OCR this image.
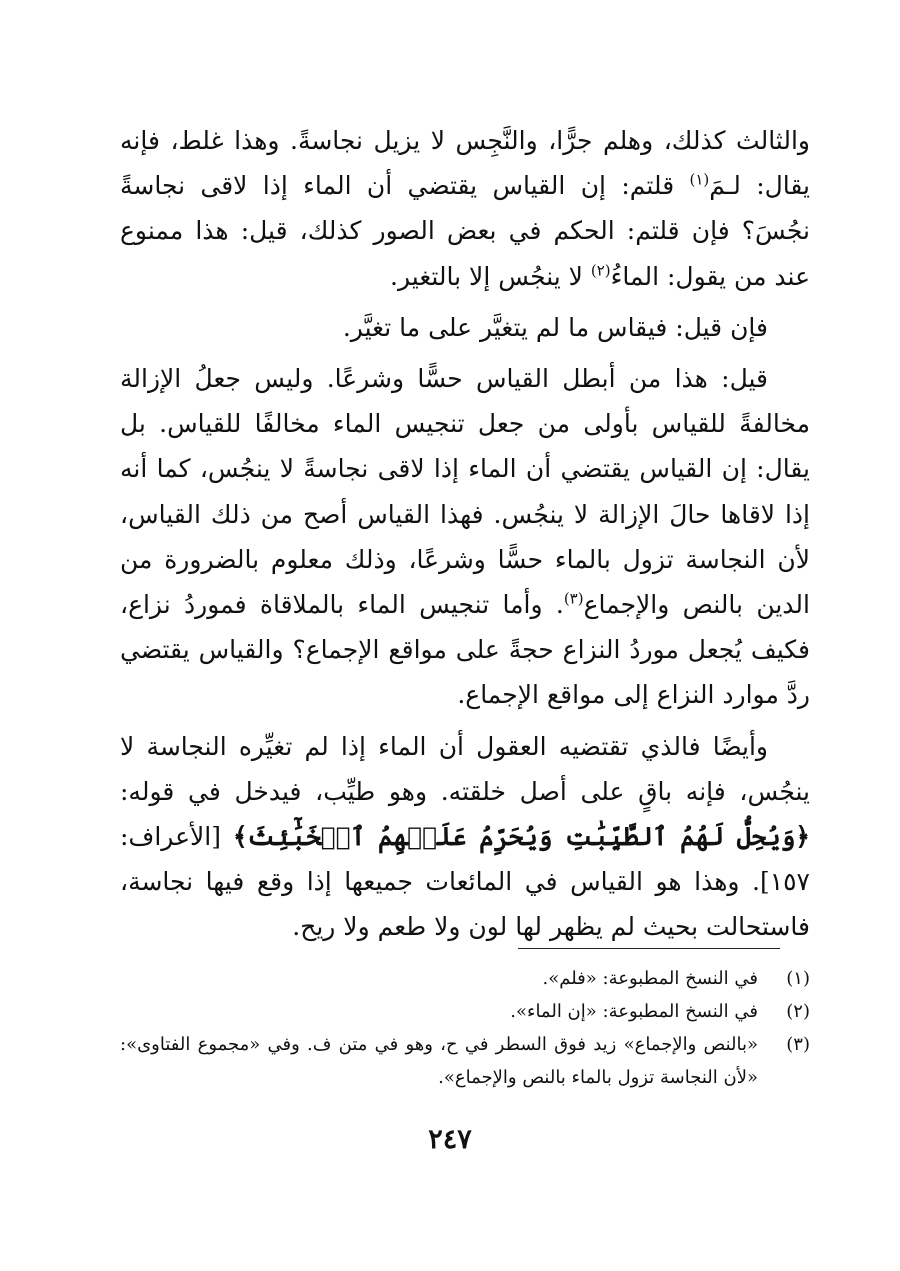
والثالث كذلك، وهلم جرًّا، والنَّجِس لا يزيل نجاسةً. وهذا غلط، فإنه يقال: لـمَ$^{(١)}$ قلتم: إن القياس يقتضي أن الماء إذا لاقى نجاسةً نجُسَ؟ فإن قلتم: الحكم في بعض الصور كذلك، قيل: هذا ممنوع عند من يقول: الماءُ$^{(٢)}$ لا ينجُس إلا بالتغير.

فإن قيل: فيقاس ما لم يتغيَّر على ما تغيَّر.

قيل: هذا من أبطل القياس حسًّا وشرعًا. وليس جعلُ الإزالة مخالفةً للقياس بأولى من جعل تنجيس الماء مخالفًا للقياس. بل يقال: إن القياس يقتضي أن الماء إذا لاقى نجاسةً لا ينجُس، كما أنه إذا لاقاها حالَ الإزالة لا ينجُس. فهذا القياس أصح من ذلك القياس، لأن النجاسة تزول بالماء حسًّا وشرعًا، وذلك معلوم بالضرورة من الدين بالنص والإجماع$^{(٣)}$. وأما تنجيس الماء بالملاقاة فموردُ نزاع، فكيف يُجعل موردُ النزاع حجةً على مواقع الإجماع؟ والقياس يقتضي ردَّ موارد النزاع إلى مواقع الإجماع.

وأيضًا فالذي تقتضيه العقول أن الماء إذا لم تغيِّره النجاسة لا ينجُس، فإنه باقٍ على أصل خلقته. وهو طيِّب، فيدخل في قوله: ﴿وَيُحِلُّ لَهُمُ ٱلطَّيِّبَٰتِ وَيُحَرِّمُ عَلَيۡهِمُ ٱلۡخَبَٰٓئِثَ﴾ [الأعراف: ١٥٧]. وهذا هو القياس في المائعات جميعها إذا وقع فيها نجاسة، فاستحالت بحيث لم يظهر لها لون ولا طعم ولا ريح.

(١)
في النسخ المطبوعة: «فلم».

(٢)
في النسخ المطبوعة: «إن الماء».

(٣)
«بالنص والإجماع» زيد فوق السطر في ح، وهو في متن ف. وفي «مجموع الفتاوى»: «لأن النجاسة تزول بالماء بالنص والإجماع».

٢٤٧
